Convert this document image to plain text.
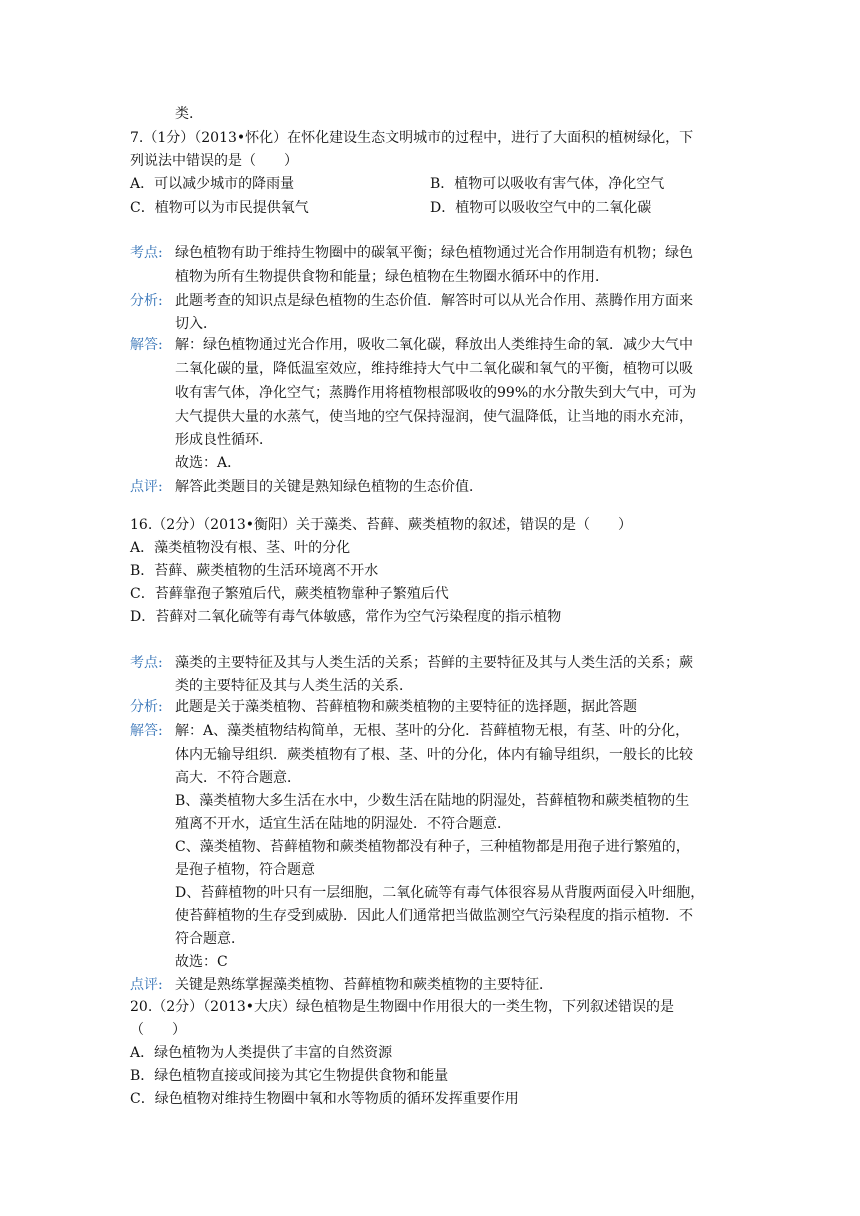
类.
7.（1分）（2013•怀化）在怀化建设生态文明城市的过程中，进行了大面积的植树绿化，下
列说法中错误的是（　　）
A．可以减少城市的降雨量	B．植物可以吸收有害气体，净化空气
C．植物可以为市民提供氧气	D．植物可以吸收空气中的二氧化碳
考点: 绿色植物有助于维持生物圈中的碳氧平衡；绿色植物通过光合作用制造有机物；绿色
植物为所有生物提供食物和能量；绿色植物在生物圈水循环中的作用．
分析: 此题考查的知识点是绿色植物的生态价值．解答时可以从光合作用、蒸腾作用方面来
切入．
解答: 解：绿色植物通过光合作用，吸收二氧化碳，释放出人类维持生命的氧．减少大气中
二氧化碳的量，降低温室效应，维持维持大气中二氧化碳和氧气的平衡，植物可以吸
收有害气体，净化空气；蒸腾作用将植物根部吸收的99%的水分散失到大气中，可为
大气提供大量的水蒸气，使当地的空气保持湿润，使气温降低，让当地的雨水充沛，
形成良性循环．
故选：A．
点评: 解答此类题目的关键是熟知绿色植物的生态价值．
16.（2分）（2013•衡阳）关于藻类、苔藓、蕨类植物的叙述，错误的是（　　）
A．藻类植物没有根、茎、叶的分化
B．苔藓、蕨类植物的生活环境离不开水
C．苔藓靠孢子繁殖后代，蕨类植物靠种子繁殖后代
D．苔藓对二氧化硫等有毒气体敏感，常作为空气污染程度的指示植物
考点: 藻类的主要特征及其与人类生活的关系；苔鲜的主要特征及其与人类生活的关系；蕨
类的主要特征及其与人类生活的关系．
分析: 此题是关于藻类植物、苔藓植物和蕨类植物的主要特征的选择题，据此答题
解答: 解：A、藻类植物结构简单，无根、茎叶的分化．苔藓植物无根，有茎、叶的分化，
体内无输导组织．蕨类植物有了根、茎、叶的分化，体内有输导组织，一般长的比较
高大．不符合题意．
B、藻类植物大多生活在水中，少数生活在陆地的阴湿处，苔藓植物和蕨类植物的生
殖离不开水，适宜生活在陆地的阴湿处．不符合题意．
C、藻类植物、苔藓植物和蕨类植物都没有种子，三种植物都是用孢子进行繁殖的，
是孢子植物，符合题意
D、苔藓植物的叶只有一层细胞，二氧化硫等有毒气体很容易从背腹两面侵入叶细胞，
使苔藓植物的生存受到威胁．因此人们通常把当做监测空气污染程度的指示植物．不
符合题意．
故选：C
点评: 关键是熟练掌握藻类植物、苔藓植物和蕨类植物的主要特征．
20.（2分）（2013•大庆）绿色植物是生物圈中作用很大的一类生物，下列叙述错误的是
（　　）
A．绿色植物为人类提供了丰富的自然资源
B．绿色植物直接或间接为其它生物提供食物和能量
C．绿色植物对维持生物圈中氧和水等物质的循环发挥重要作用
